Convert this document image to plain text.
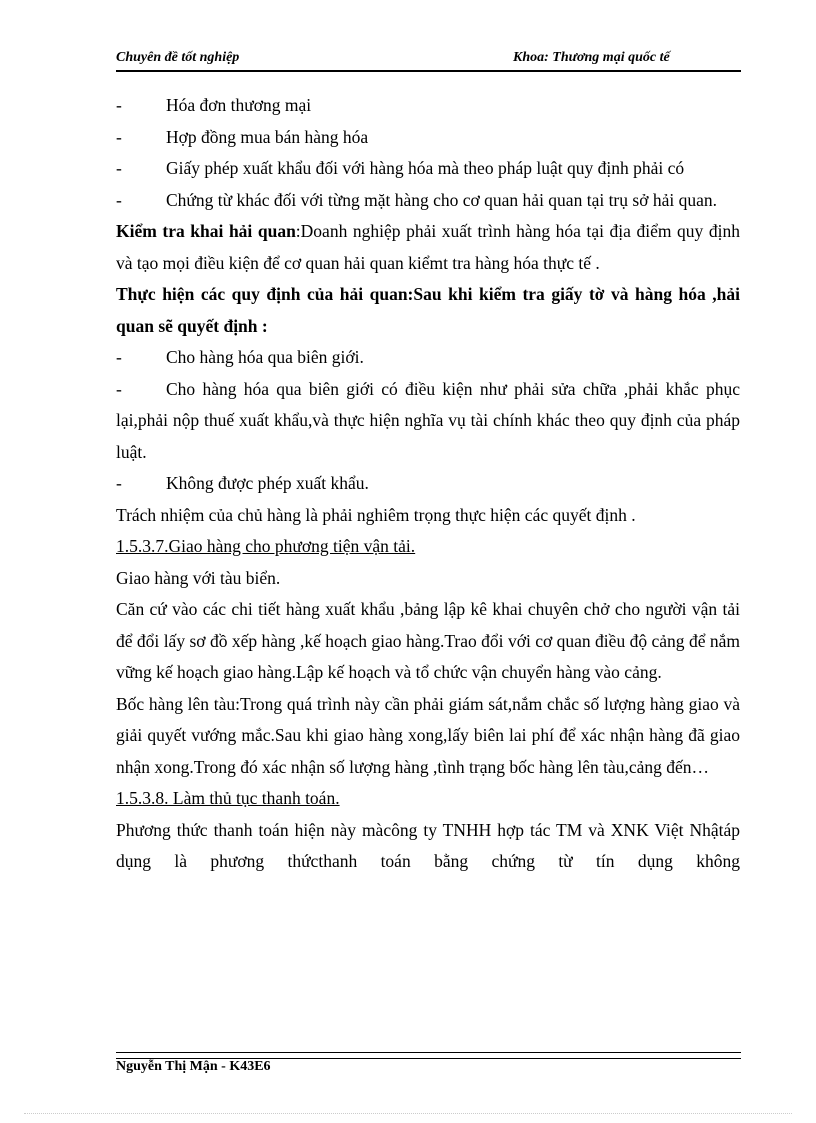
Chuyên đề tốt nghiệp	Khoa: Thương mại quốc tế

-	Hóa đơn thương mại

-	Hợp đồng mua bán hàng hóa

-	Giấy phép xuất khẩu đối với hàng hóa mà theo pháp luật quy định phải có

-	Chứng từ khác đối với từng mặt hàng cho cơ quan hải quan tại trụ sở hải quan.

Kiểm tra khai hải quan:Doanh nghiệp phải xuất trình hàng hóa tại địa điểm quy định và tạo mọi điều kiện để cơ quan hải quan kiểmt tra hàng hóa thực tế .

Thực hiện các quy định của hải quan:Sau khi kiểm tra giấy tờ và hàng hóa ,hải quan sẽ quyết định :

-	Cho hàng hóa qua biên giới.

-	Cho hàng hóa qua biên giới có điều kiện như phải sửa chữa ,phải khắc phục lại,phải nộp thuế xuất khẩu,và thực hiện nghĩa vụ tài chính khác theo quy định của pháp luật.

-	Không được phép xuất khẩu.

Trách nhiệm của chủ hàng là phải nghiêm trọng thực hiện các quyết định .

1.5.3.7.Giao hàng cho phương tiện vận tải.

Giao hàng với tàu biển.

Căn cứ vào các chi tiết hàng xuất khẩu ,bảng lập kê khai chuyên chở cho người vận tải để đổi lấy sơ đồ xếp hàng ,kế hoạch giao hàng.Trao đổi với cơ quan điều độ cảng để nắm vững kế hoạch giao hàng.Lập kế hoạch và tổ chức vận chuyển hàng vào cảng.

Bốc hàng lên tàu:Trong quá trình này cần phải giám sát,nắm chắc số lượng hàng giao và giải quyết vướng mắc.Sau khi giao hàng xong,lấy biên lai phí để xác nhận hàng đã giao nhận xong.Trong đó xác nhận số lượng hàng ,tình trạng bốc hàng lên tàu,cảng đến…

1.5.3.8. Làm thủ tục thanh toán.

Phương thức thanh toán hiện này màcông ty TNHH hợp tác TM và XNK Việt Nhậtáp dụng là phương thứcthanh toán bằng chứng từ tín dụng không

Nguyễn Thị Mận - K43E6
